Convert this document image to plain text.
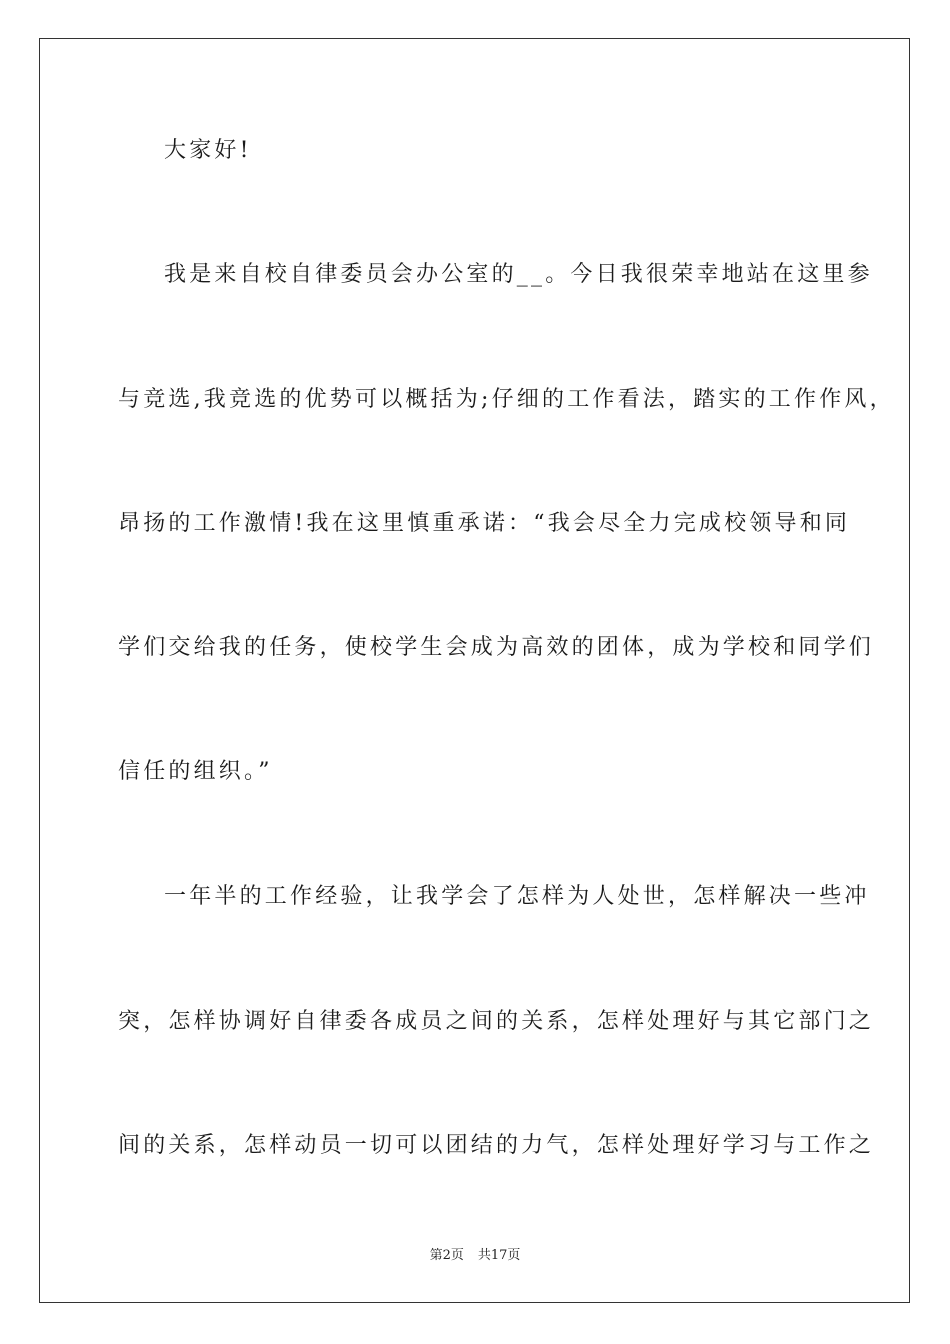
大家好!
我是来自校自律委员会办公室的__。今日我很荣幸地站在这里参
与竞选,我竞选的优势可以概括为;仔细的工作看法，踏实的工作作风，
昂扬的工作激情!我在这里慎重承诺：“我会尽全力完成校领导和同
学们交给我的任务，使校学生会成为高效的团体，成为学校和同学们
信任的组织。”
一年半的工作经验，让我学会了怎样为人处世，怎样解决一些冲
突，怎样协调好自律委各成员之间的关系，怎样处理好与其它部门之
间的关系，怎样动员一切可以团结的力气，怎样处理好学习与工作之
第2页 共17页
